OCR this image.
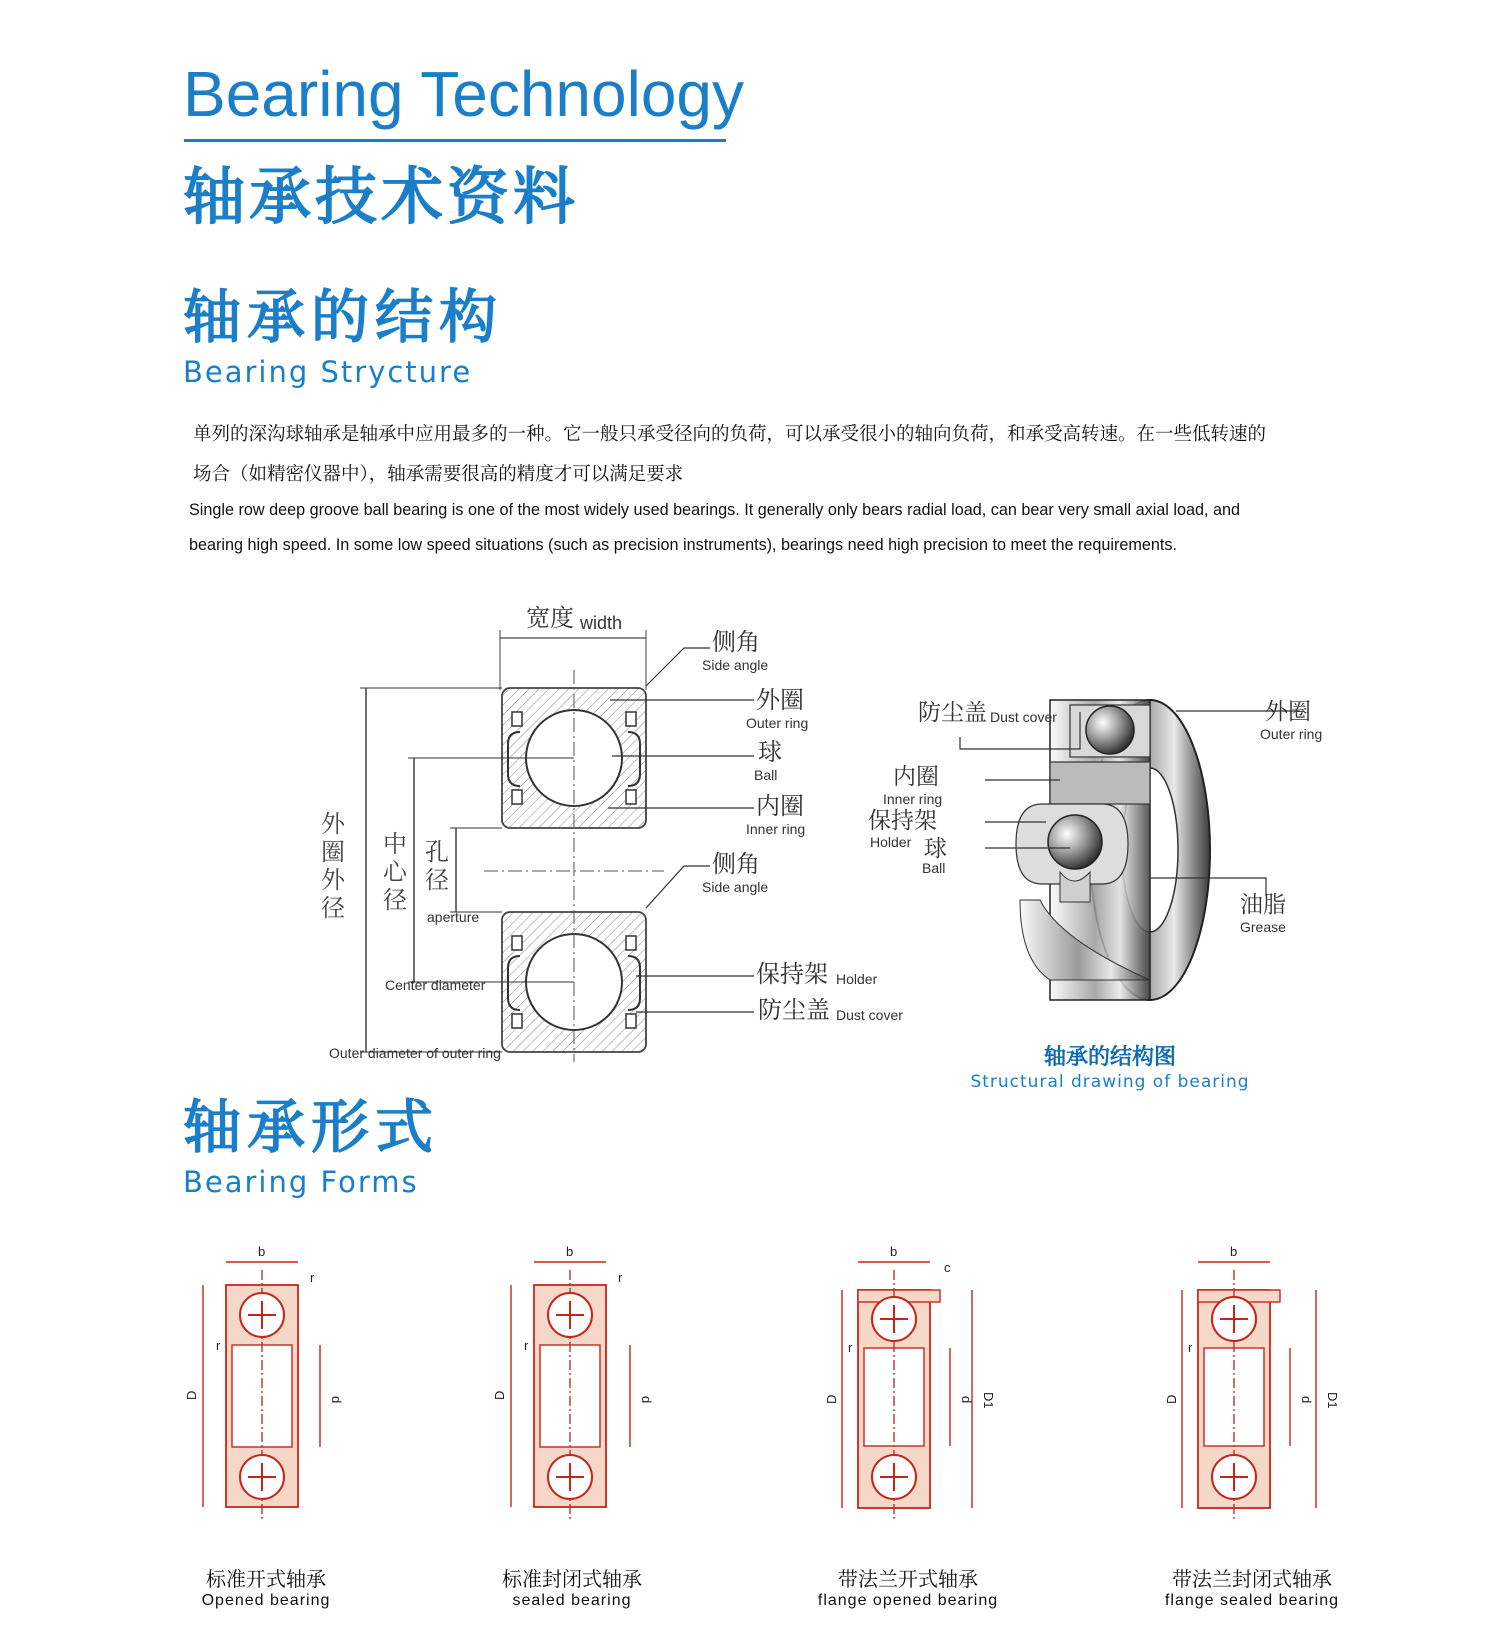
Bearing Technology
轴承技术资料
轴承的结构
Bearing Strycture
单列的深沟球轴承是轴承中应用最多的一种。它一般只承受径向的负荷，可以承受很小的轴向负荷，和承受高转速。在一些低转速的
场合（如精密仪器中），轴承需要很高的精度才可以满足要求
Single row deep groove ball bearing is one of the most widely used bearings. It generally only bears radial load, can bear very small axial load, and
bearing high speed. In some low speed situations (such as precision instruments), bearings need high precision to meet the requirements.
宽度 width
外 圈 外 径
中 心 径
孔 径
aperture
Center diameter
Outer diameter of outer ring
侧角
Side angle
外圈
Outer ring
球
Ball
内圈
Inner ring
侧角
Side angle
保持架 Holder
防尘盖 Dust cover
防尘盖 Dust cover	外圈
Outer ring
内圈
Inner ring
保持架
Holder 球
Ball
油脂
Grease
轴承的结构图
Structural drawing of bearing
轴承形式
Bearing Forms
b	b	b	b
c
r	r
r	r	r	r
D	D	D	D
d	d	d	d
D1	D1
标准开式轴承
Opened bearing
标准封闭式轴承
sealed bearing
带法兰开式轴承
flange opened bearing
带法兰封闭式轴承
flange sealed bearing
